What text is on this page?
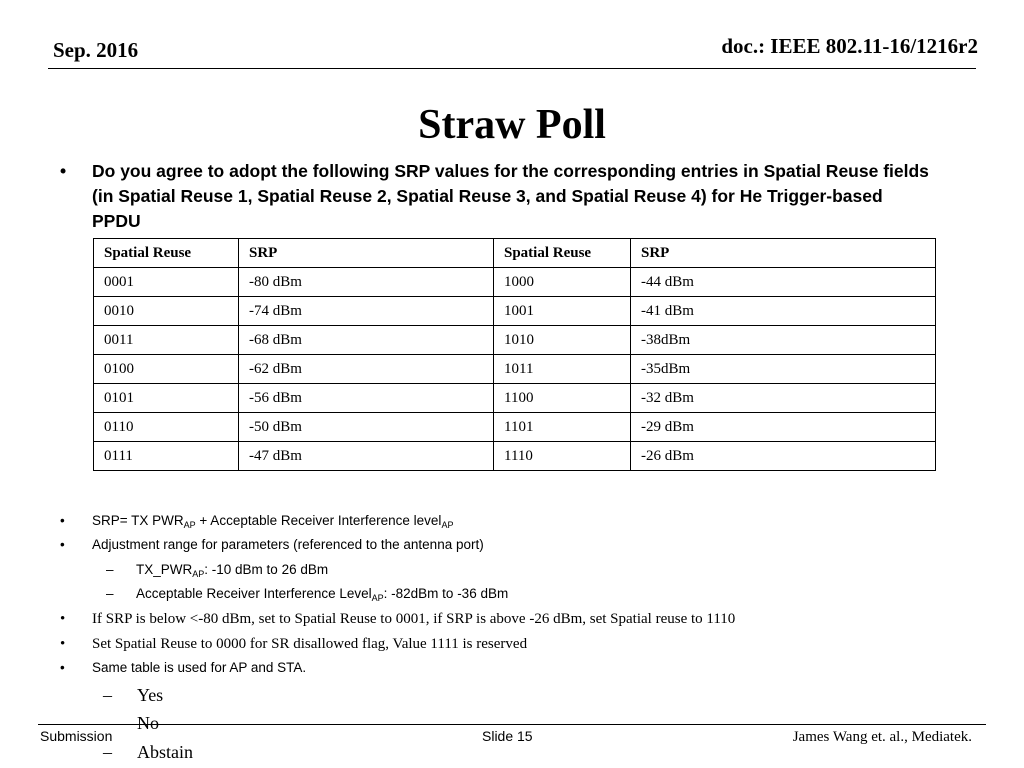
Sep. 2016	doc.: IEEE 802.11-16/1216r2
Straw Poll
• Do you agree to adopt the following SRP values for the corresponding entries in Spatial Reuse fields (in Spatial Reuse 1, Spatial Reuse 2, Spatial Reuse 3, and Spatial Reuse 4) for He Trigger-based PPDU
Spatial Reuse	SRP	Spatial Reuse	SRP
0001	-80 dBm	1000	-44 dBm
0010	-74 dBm	1001	-41 dBm
0011	-68 dBm	1010	-38dBm
0100	-62 dBm	1011	-35dBm
0101	-56 dBm	1100	-32 dBm
0110	-50 dBm	1101	-29 dBm
0111	-47 dBm	1110	-26 dBm
• SRP= TX $PWR_{AP}$ + Acceptable Receiver Interference level$_{AP}$
• Adjustment range for parameters (referenced to the antenna port)
– $TX\_PWR_{AP}$: -10 dBm to 26 dBm
– Acceptable Receiver Interference Level$_{AP}$: -82dBm to -36 dBm
• If SRP is below <-80 dBm, set to Spatial Reuse to 0001, if SRP is above -26 dBm, set Spatial reuse to 1110
• Set Spatial Reuse to 0000 for SR disallowed flag, Value 1111 is reserved
• Same table is used for AP and STA.
– Yes
– No
– Abstain
Submission	Slide 15	James Wang et. al., Mediatek.
